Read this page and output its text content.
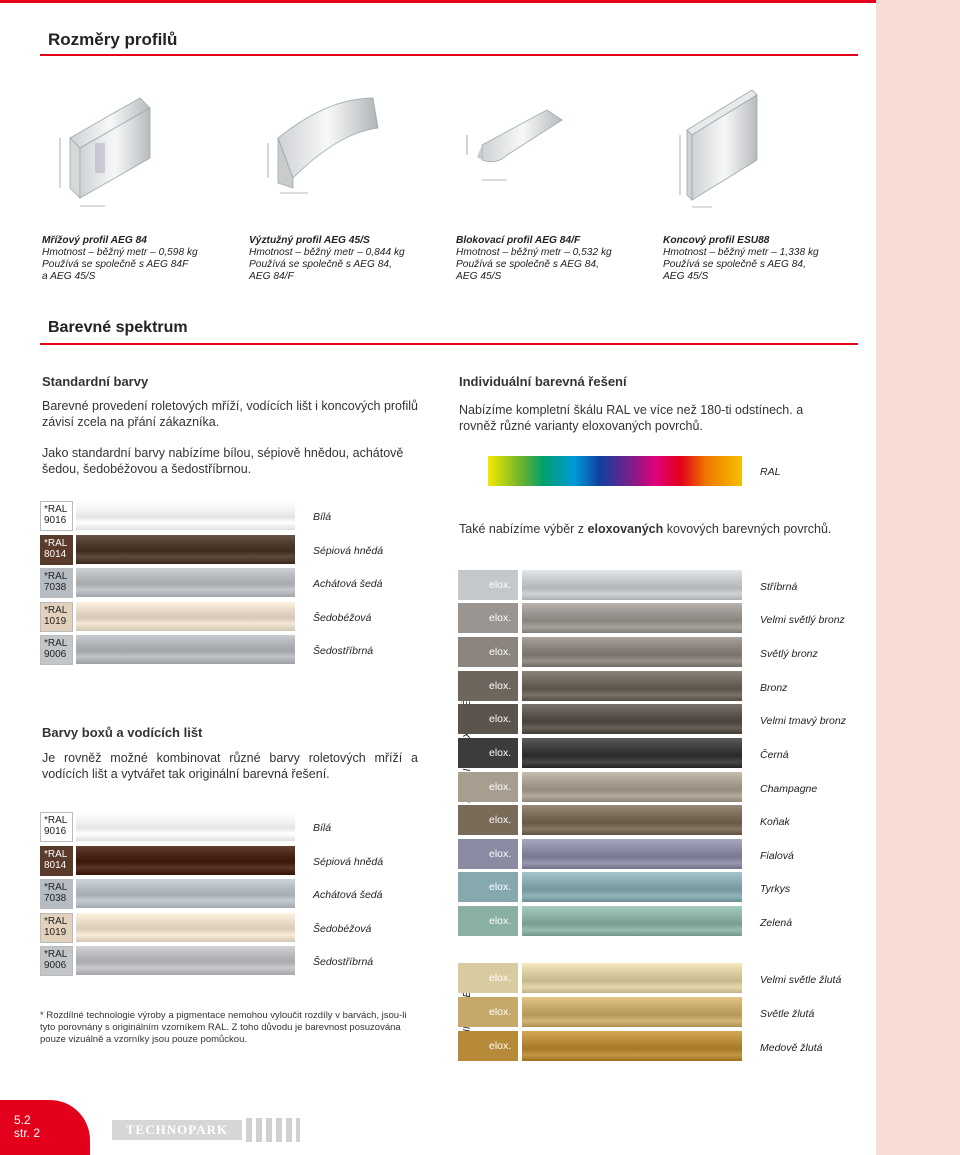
Rozměry profilů
Mřížový profil AEG 84
Hmotnost – běžný metr – 0,598 kg
Používá se společně s AEG 84F
a AEG 45/S
Výztužný profil AEG 45/S
Hmotnost – běžný metr – 0,844 kg
Používá se společně s AEG 84,
AEG 84/F
Blokovací profil AEG 84/F
Hmotnost – běžný metr – 0,532 kg
Používá se společně s AEG 84,
AEG 45/S
Koncový profil ESU88
Hmotnost – běžný metr – 1,338 kg
Používá se společně s AEG 84,
AEG 45/S
Barevné spektrum
Standardní barvy
Barevné provedení roletových mříží, vodících lišt i koncových profilů závisí zcela na přání zákazníka.
Jako standardní barvy nabízíme bílou, sépiově hnědou, achátově šedou, šedobéžovou a šedostříbrnou.
*RAL
9016	Bílá
*RAL
8014	Sépiová hnědá
*RAL
7038	Achátová šedá
*RAL
1019	Šedobéžová
*RAL
9006	Šedostříbrná
Barvy boxů a vodících lišt
Je rovněž možné kombinovat různé barvy roletových mříží a vodících lišt a vytvářet tak originální barevná řešení.
*RAL
9016	Bílá
*RAL
8014	Sépiová hnědá
*RAL
7038	Achátová šedá
*RAL
1019	Šedobéžová
*RAL
9006	Šedostříbrná
* Rozdílné technologie výroby a pigmentace nemohou vyloučit rozdíly v barvách, jsou-li tyto porovnány s originálním vzorníkem RAL. Z toho důvodu je barevnost posuzována pouze vizuálně a vzorníky jsou pouze pomůckou.
Individuální barevná řešení
Nabízíme kompletní škálu RAL ve více než 180-ti odstínech. a rovněž různé varianty eloxovaných povrchů.
RAL
Také nabízíme výběr z eloxovaných kovových barevných povrchů.
elox.	Stříbrná
elox.	Velmi světlý bronz
elox.	Světlý bronz
elox.	Bronz
elox.	Velmi tmavý bronz
elox.	Černá
elox.	Champagne
elox.	Koňak
elox.	Fialová
elox.	Tyrkys
elox.	Zelená
elox.	Velmi světle žlutá
elox.	Světle žlutá
elox.	Medově žlutá
5.2
str. 2	TECHNOPARK
